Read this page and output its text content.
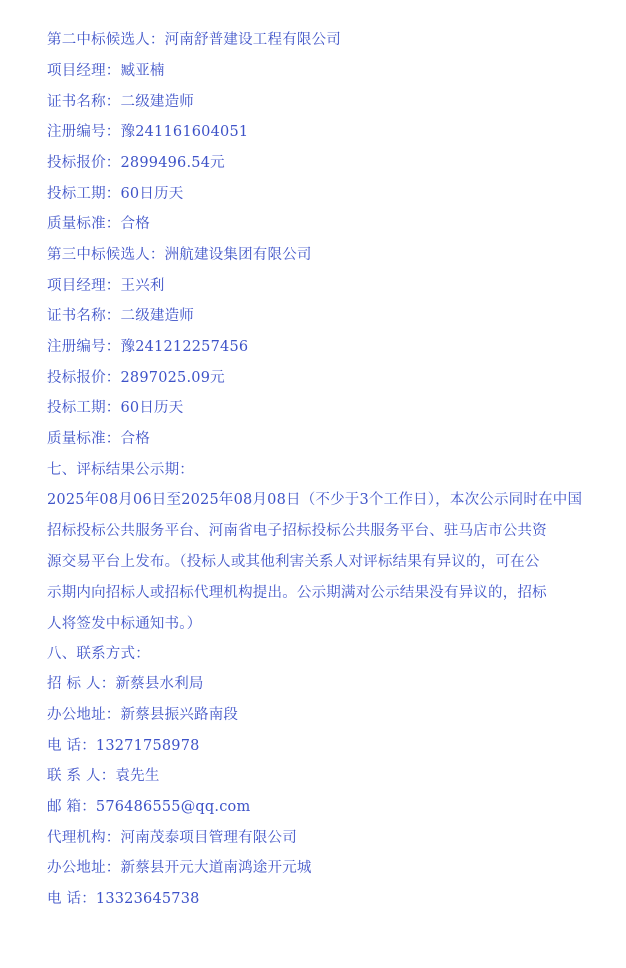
第二中标候选人：河南舒普建设工程有限公司
项目经理：臧亚楠
证书名称：二级建造师
注册编号：豫241161604051
投标报价：2899496.54元
投标工期：60日历天
质量标准：合格
第三中标候选人：洲航建设集团有限公司
项目经理：王兴利
证书名称：二级建造师
注册编号：豫241212257456
投标报价：2897025.09元
投标工期：60日历天
质量标准：合格
七、评标结果公示期：
2025年08月06日至2025年08月08日（不少于3个工作日），本次公示同时在中国
招标投标公共服务平台、河南省电子招标投标公共服务平台、驻马店市公共资
源交易平台上发布。（投标人或其他利害关系人对评标结果有异议的，可在公
示期内向招标人或招标代理机构提出。公示期满对公示结果没有异议的，招标
人将签发中标通知书。）
八、联系方式：
招 标 人：新蔡县水利局
办公地址：新蔡县振兴路南段
电 话：13271758978
联 系 人：袁先生
邮 箱：576486555@qq.com
代理机构：河南茂泰项目管理有限公司
办公地址：新蔡县开元大道南鸿途开元城
电 话：13323645738
